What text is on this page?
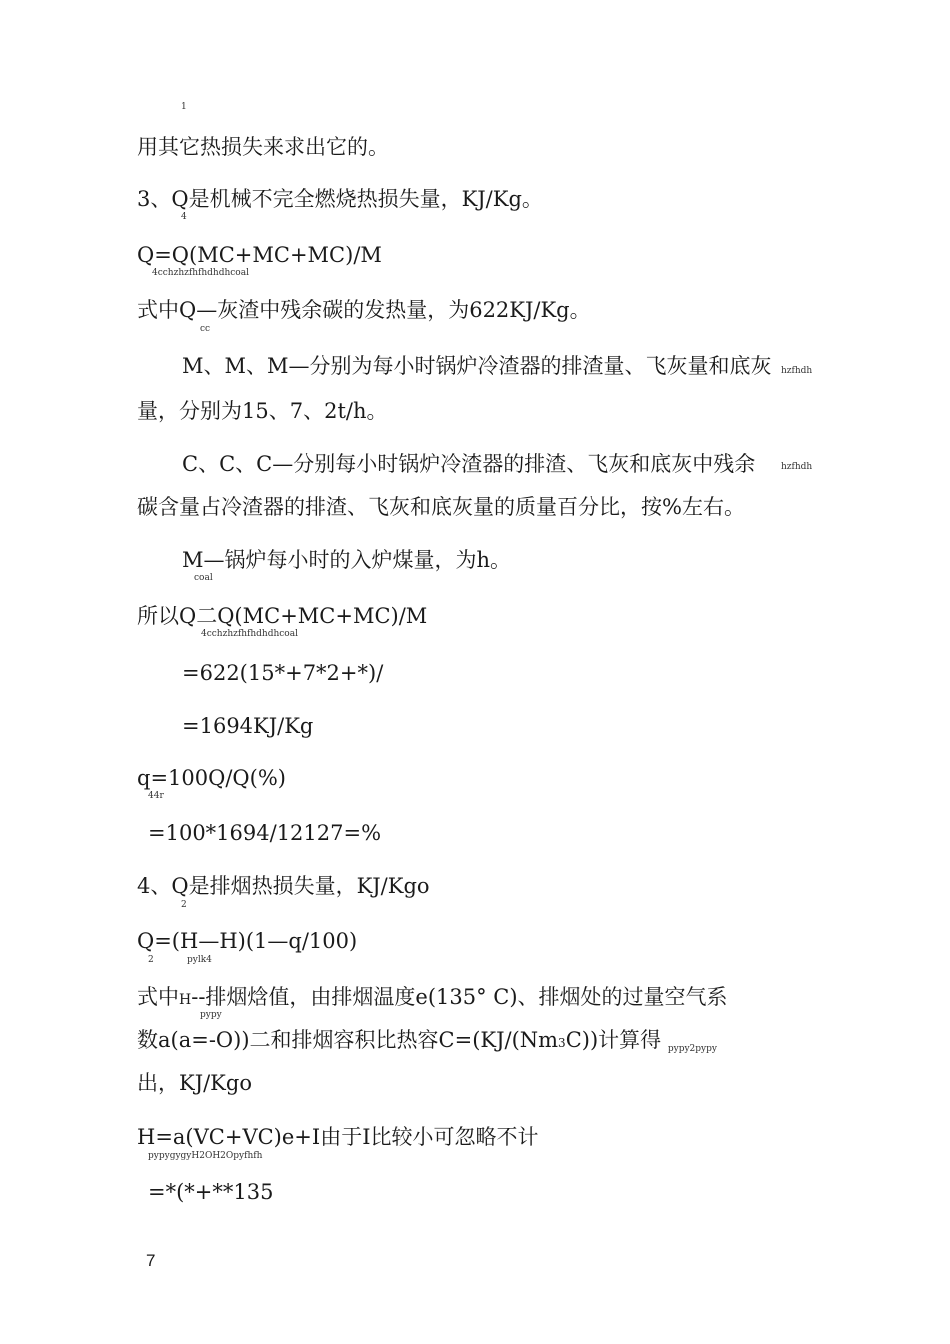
1
用其它热损失来求出它的。
3、Q是机械不完全燃烧热损失量，KJ/Kg。
4
Q=Q(MC+MC+MC)/M
4cchzhzfhfhdhdhcoal
式中Q—灰渣中残余碳的发热量，为622KJ/Kg。
cc
M、M、M—分别为每小时锅炉冷渣器的排渣量、飞灰量和底灰 hzfhdh
量，分别为15、7、2t/h。
C、C、C—分别每小时锅炉冷渣器的排渣、飞灰和底灰中残余	hzfhdh
碳含量占冷渣器的排渣、飞灰和底灰量的质量百分比，按%左右。
M—锅炉每小时的入炉煤量，为h。
coal
所以Q二Q(MC+MC+MC)/M
4cchzhzfhfhdhdhcoal
=622(15*+7*2+*)/
=1694KJ/Kg
q=100Q/Q(%)
44r
=100*1694/12127=%
4、Q是排烟热损失量，KJ/Kgo
2
Q=(H—H)(1—q/100)
2	pylk4
式中H--排烟焓值，由排烟温度e(135° C)、排烟处的过量空气系
pypy
数a(a=-O))二和排烟容积比热容C=(KJ/(Nm3C))计算得 pypy2pypy
出，KJ/Kgo
H=a(VC+VC)e+I由于I比较小可忽略不计
pypygygyH2OH2Opyfhfh
=*(*+**135
7
